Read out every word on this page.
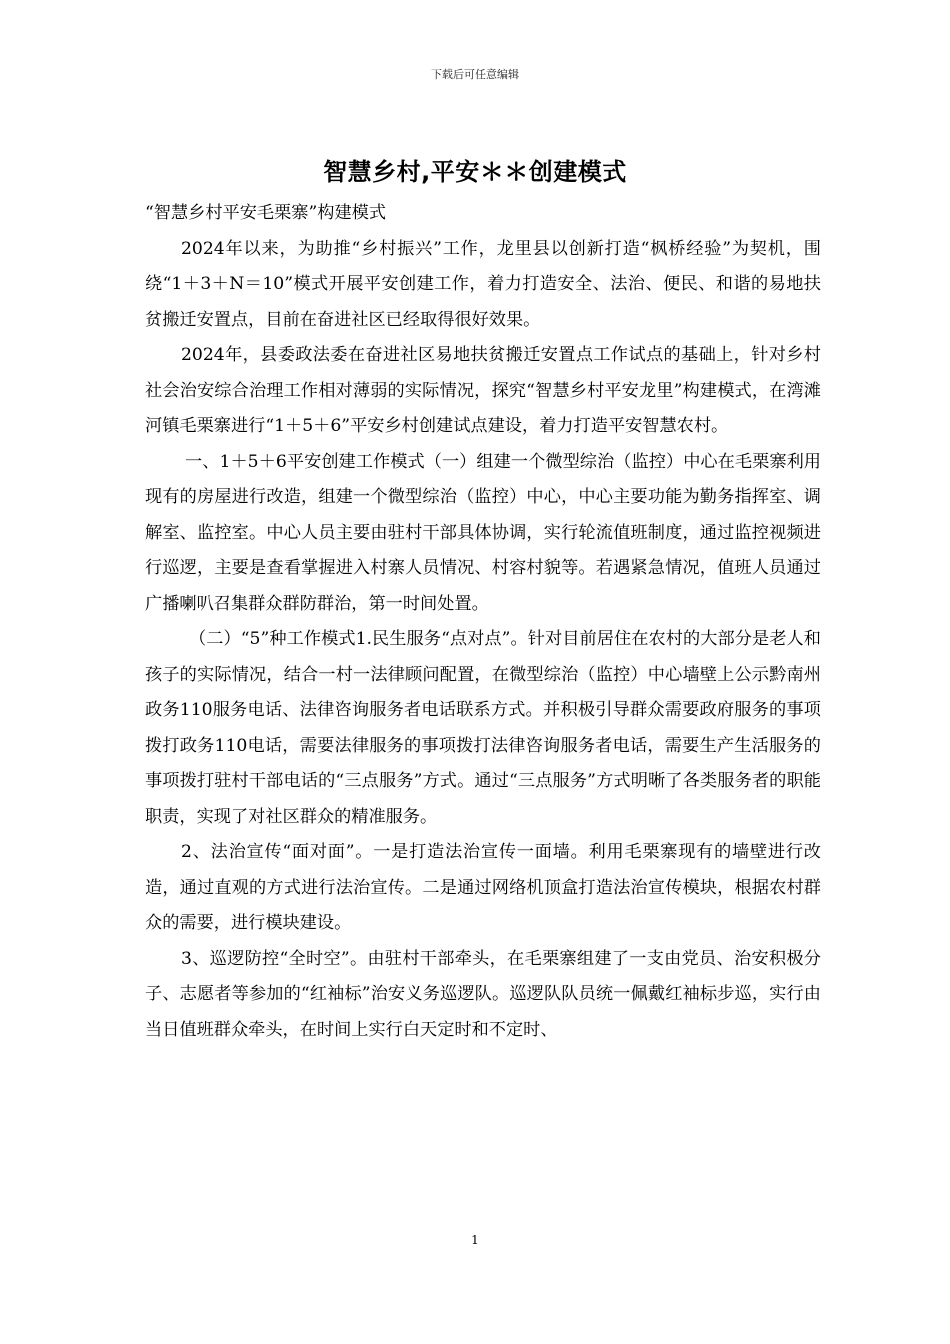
下载后可任意编辑
智慧乡村,平安＊＊创建模式

“智慧乡村平安毛栗寨”构建模式

2024年以来，为助推“乡村振兴”工作，龙里县以创新打造“枫桥经验”为契机，围绕“1＋3＋N＝10”模式开展平安创建工作，着力打造安全、法治、便民、和谐的易地扶贫搬迁安置点，目前在奋进社区已经取得很好效果。

2024年，县委政法委在奋进社区易地扶贫搬迁安置点工作试点的基础上，针对乡村社会治安综合治理工作相对薄弱的实际情况，探究“智慧乡村平安龙里”构建模式，在湾滩河镇毛栗寨进行“1＋5＋6”平安乡村创建试点建设，着力打造平安智慧农村。

一、1＋5＋6平安创建工作模式（一）组建一个微型综治（监控）中心在毛栗寨利用现有的房屋进行改造，组建一个微型综治（监控）中心，中心主要功能为勤务指挥室、调解室、监控室。中心人员主要由驻村干部具体协调，实行轮流值班制度，通过监控视频进行巡逻，主要是查看掌握进入村寨人员情况、村容村貌等。若遇紧急情况，值班人员通过广播喇叭召集群众群防群治，第一时间处置。

（二）“5”种工作模式1.民生服务“点对点”。针对目前居住在农村的大部分是老人和孩子的实际情况，结合一村一法律顾问配置，在微型综治（监控）中心墙壁上公示黔南州政务110服务电话、法律咨询服务者电话联系方式。并积极引导群众需要政府服务的事项拨打政务110电话，需要法律服务的事项拨打法律咨询服务者电话，需要生产生活服务的事项拨打驻村干部电话的“三点服务”方式。通过“三点服务”方式明晰了各类服务者的职能职责，实现了对社区群众的精准服务。

2、法治宣传“面对面”。一是打造法治宣传一面墙。利用毛栗寨现有的墙壁进行改造，通过直观的方式进行法治宣传。二是通过网络机顶盒打造法治宣传模块，根据农村群众的需要，进行模块建设。

3、巡逻防控“全时空”。由驻村干部牵头，在毛栗寨组建了一支由党员、治安积极分子、志愿者等参加的“红袖标”治安义务巡逻队。巡逻队队员统一佩戴红袖标步巡，实行由当日值班群众牵头，在时间上实行白天定时和不定时、

1
